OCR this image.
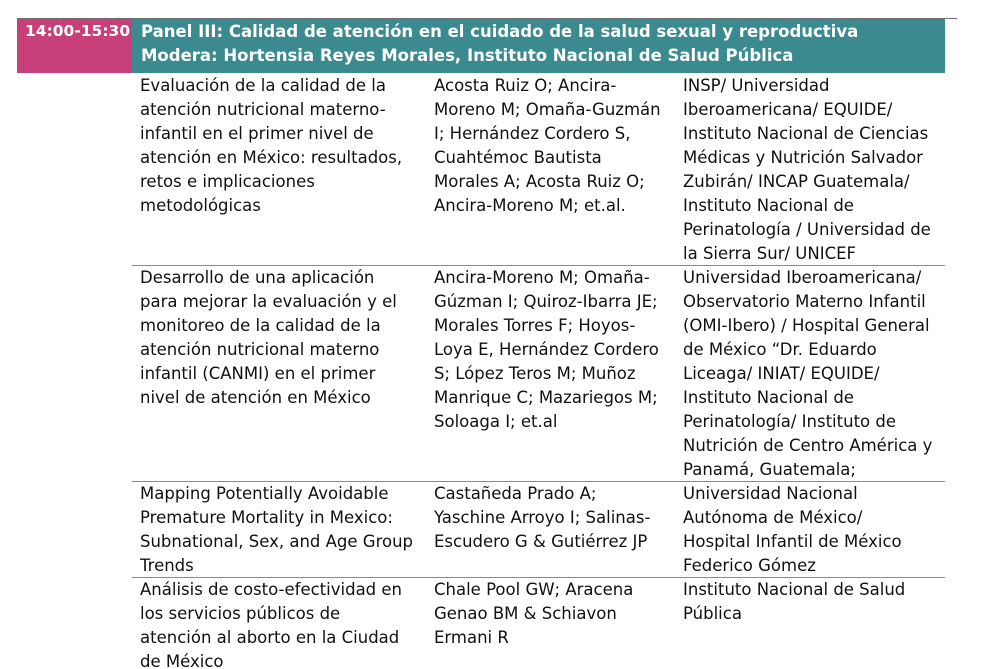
14:00-15:30 Panel III: Calidad de atención en el cuidado de la salud sexual y reproductiva
Modera: Hortensia Reyes Morales, Instituto Nacional de Salud Pública
Evaluación de la calidad de la
atención nutricional materno-
infantil en el primer nivel de
atención en México: resultados,
retos e implicaciones
metodológicas
Acosta Ruiz O; Ancira-
Moreno M; Omaña-Guzmán
I; Hernández Cordero S,
Cuahtémoc Bautista
Morales A; Acosta Ruiz O;
Ancira-Moreno M; et.al.
INSP/ Universidad
Iberoamericana/ EQUIDE/
Instituto Nacional de Ciencias
Médicas y Nutrición Salvador
Zubirán/ INCAP Guatemala/
Instituto Nacional de
Perinatología / Universidad de
la Sierra Sur/ UNICEF
Desarrollo de una aplicación
para mejorar la evaluación y el
monitoreo de la calidad de la
atención nutricional materno
infantil (CANMI) en el primer
nivel de atención en México
Ancira-Moreno M; Omaña-
Gúzman I; Quiroz-Ibarra JE;
Morales Torres F; Hoyos-
Loya E, Hernández Cordero
S; López Teros M; Muñoz
Manrique C; Mazariegos M;
Soloaga I; et.al
Universidad Iberoamericana/
Observatorio Materno Infantil
(OMI-Ibero) / Hospital General
de México “Dr. Eduardo
Liceaga/ INIAT/ EQUIDE/
Instituto Nacional de
Perinatología/ Instituto de
Nutrición de Centro América y
Panamá, Guatemala;
Mapping Potentially Avoidable
Premature Mortality in Mexico:
Subnational, Sex, and Age Group
Trends
Castañeda Prado A;
Yaschine Arroyo I; Salinas-
Escudero G & Gutiérrez JP
Universidad Nacional
Autónoma de México/
Hospital Infantil de México
Federico Gómez
Análisis de costo-efectividad en
los servicios públicos de
atención al aborto en la Ciudad
de México
Chale Pool GW; Aracena
Genao BM & Schiavon
Ermani R
Instituto Nacional de Salud
Pública
